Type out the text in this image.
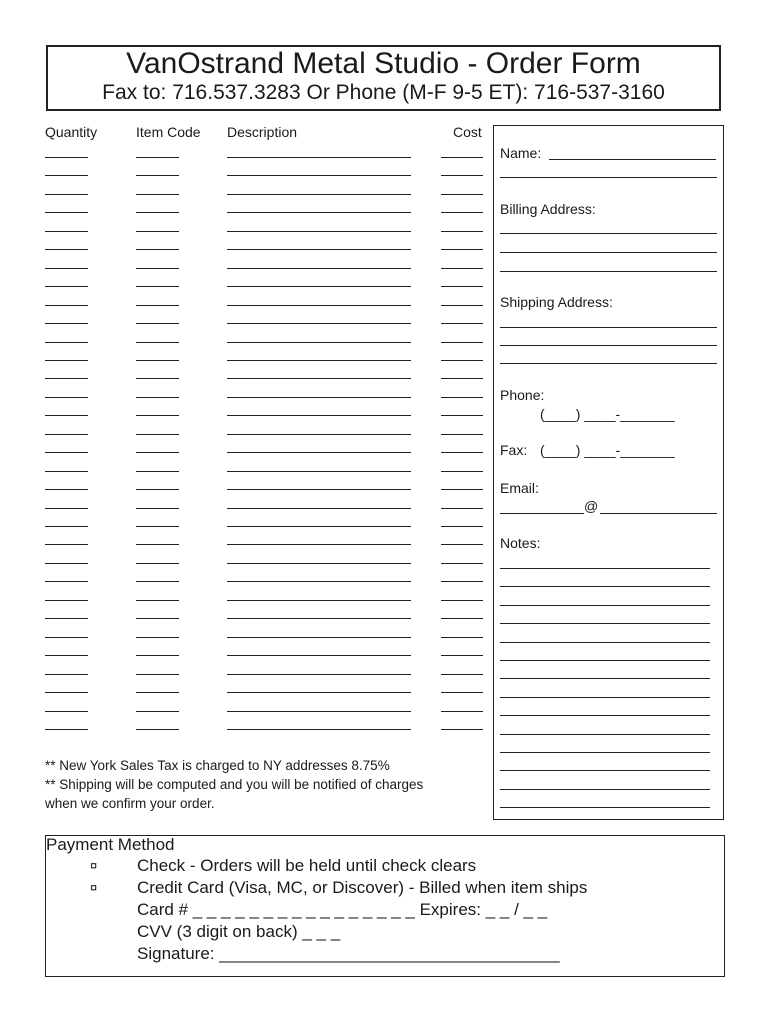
VanOstrand Metal Studio - Order Form
Fax to: 716.537.3283 Or Phone (M-F 9-5 ET): 716-537-3160
Quantity	Item Code Description	Cost
Name:
Billing Address:
Shipping Address:
Phone:
(____) ____-_______
Fax: (____) ____-_______
Email:
@
Notes:
** New York Sales Tax is charged to NY addresses 8.75%
** Shipping will be computed and you will be notified of charges
when we confirm your order.
Payment Method
¤ Check - Orders will be held until check clears
¤ Credit Card (Visa, MC, or Discover) - Billed when item ships
Card # _ _ _ _ _ _ _ _ _ _ _ _ _ _ _ _ Expires: _ _ / _ _
CVV (3 digit on back) _ _ _
Signature: ____________________________________
